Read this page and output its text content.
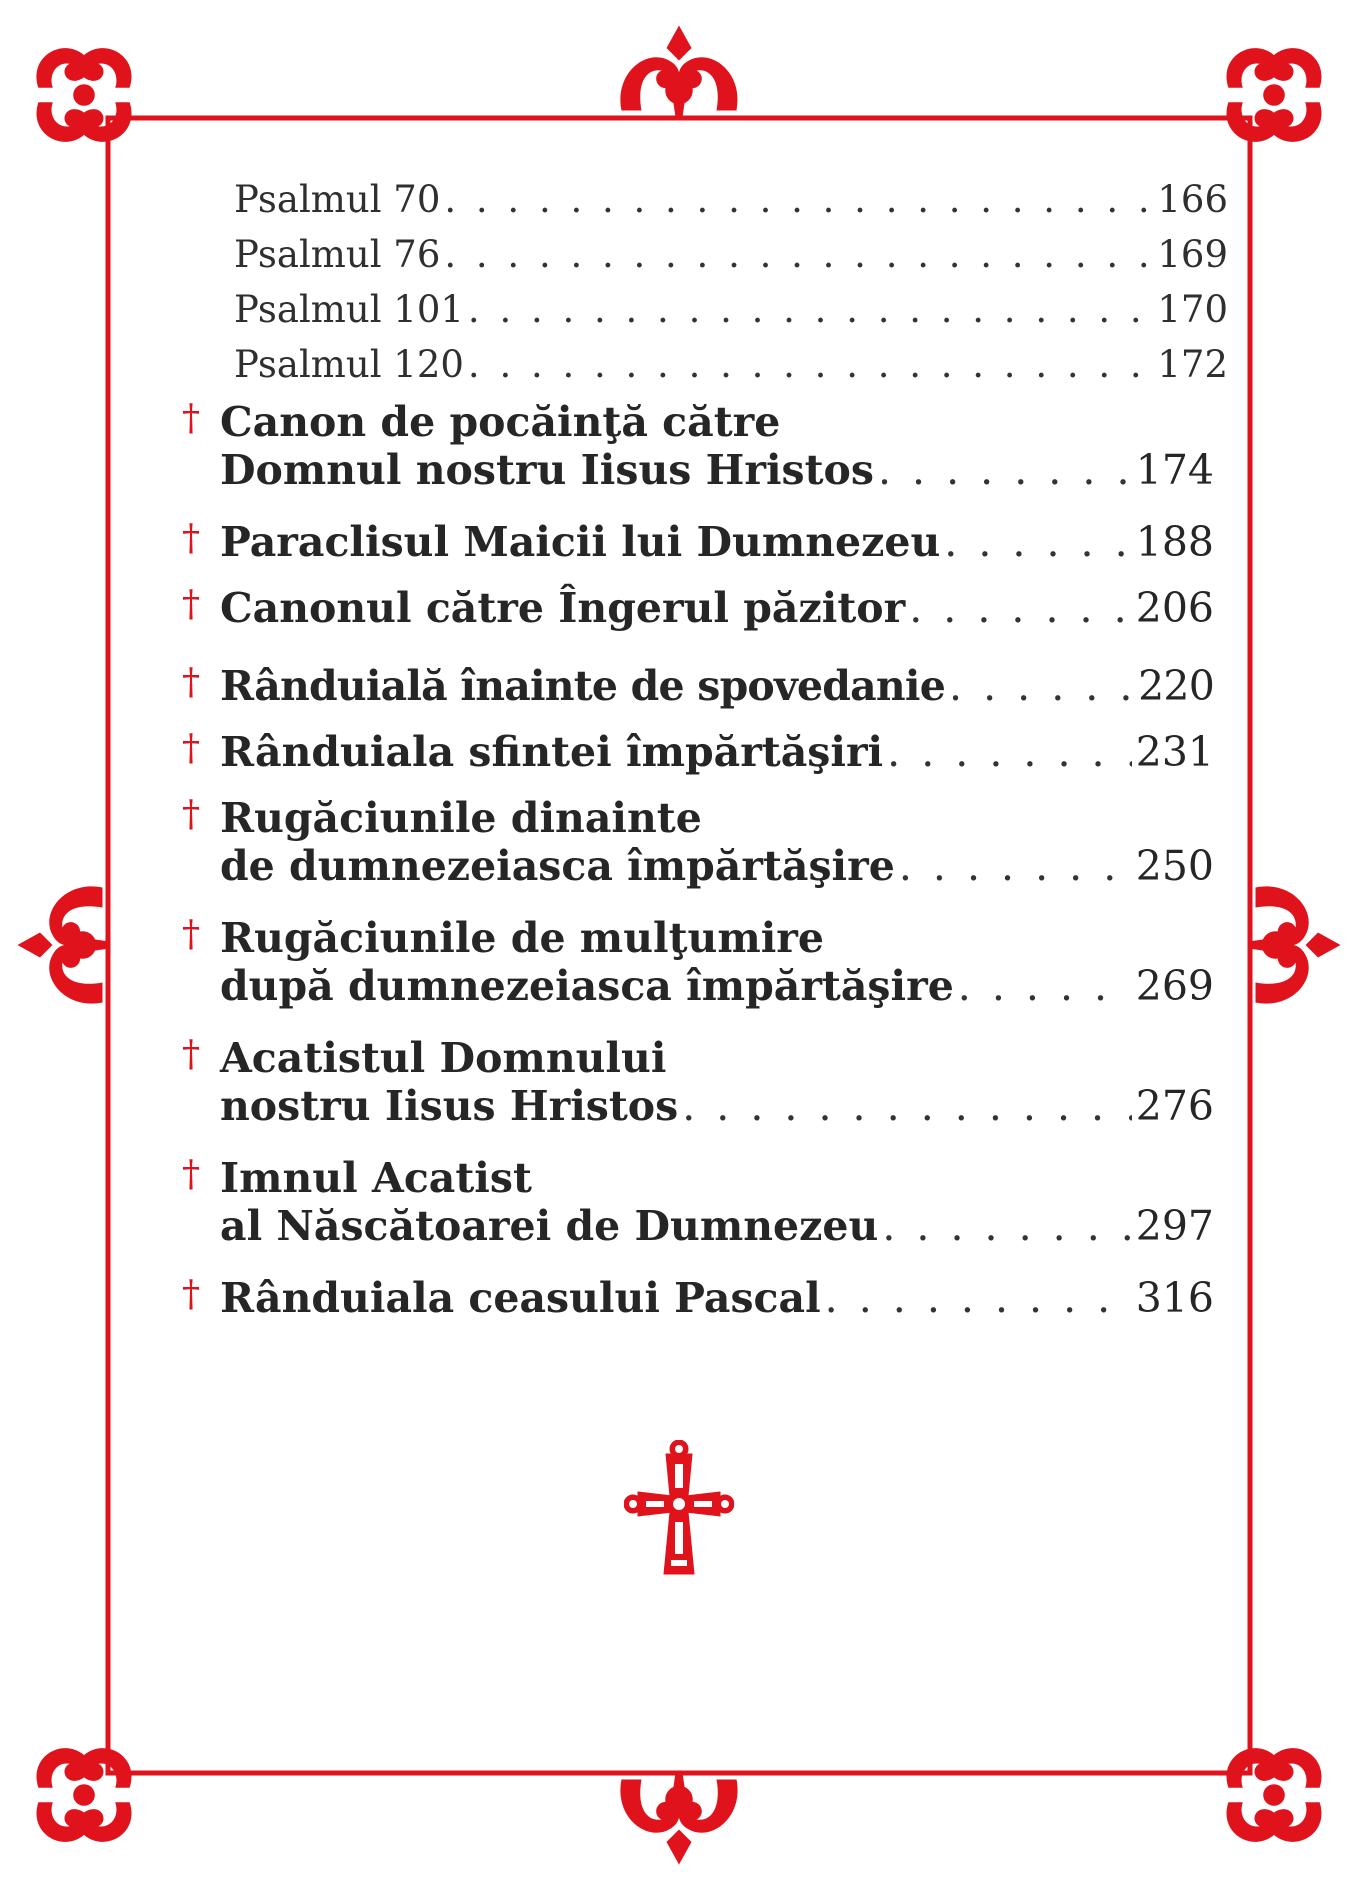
Psalmul 70 . . .	166
Psalmul 76 . . .	169
Psalmul 101 . . .	170
Psalmul 120 . . .	172
† Canon de pocăinţă către
Domnul nostru Iisus Hristos . . .	174
† Paraclisul Maicii lui Dumnezeu . . .	188
† Canonul către Îngerul păzitor . . .	206
† Rânduială înainte de spovedanie . . .	220
† Rânduiala sfintei împărtăşiri . . .	231
† Rugăciunile dinainte
de dumnezeiasca împărtăşire . . .	250
† Rugăciunile de mulţumire
după dumnezeiasca împărtăşire . . .	269
† Acatistul Domnului
nostru Iisus Hristos . . .	276
† Imnul Acatist
al Născătoarei de Dumnezeu . . .	297
† Rânduiala ceasului Pascal . . .	316
